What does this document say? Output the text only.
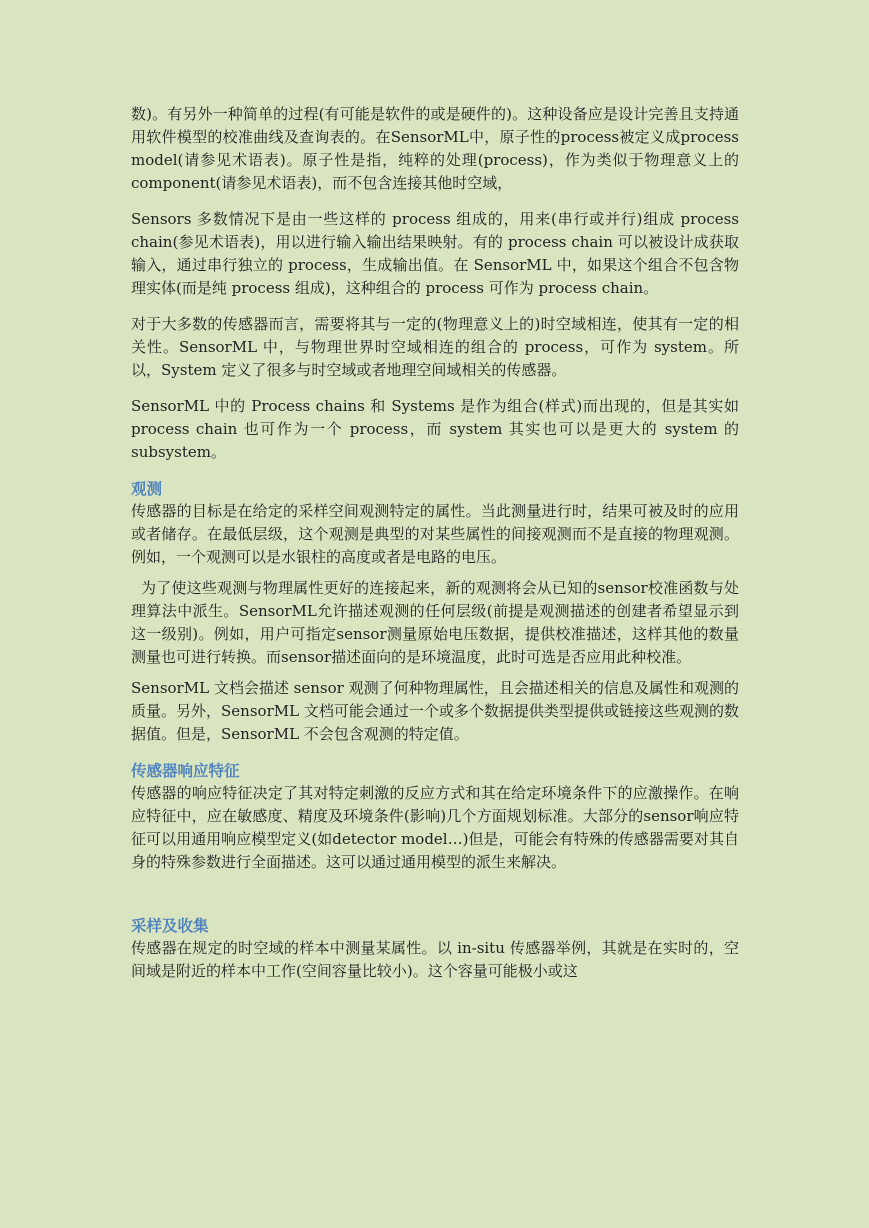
数)。有另外一种简单的过程(有可能是软件的或是硬件的)。这种设备应是设计完善且支持通用软件模型的校准曲线及查询表的。在SensorML中，原子性的process被定义成process model(请参见术语表)。原子性是指，纯粹的处理(process)，作为类似于物理意义上的component(请参见术语表)，而不包含连接其他时空域，

Sensors 多数情况下是由一些这样的 process 组成的，用来(串行或并行)组成 process chain(参见术语表)，用以进行输入输出结果映射。有的 process chain 可以被设计成获取输入，通过串行独立的 process，生成输出值。在 SensorML 中，如果这个组合不包含物理实体(而是纯 process 组成)，这种组合的 process 可作为 process chain。

对于大多数的传感器而言，需要将其与一定的(物理意义上的)时空域相连，使其有一定的相关性。SensorML 中，与物理世界时空域相连的组合的 process，可作为 system。所以，System 定义了很多与时空域或者地理空间域相关的传感器。

SensorML 中的 Process chains 和 Systems 是作为组合(样式)而出现的，但是其实如 process chain 也可作为一个 process，而 system 其实也可以是更大的 system 的 subsystem。

观测

传感器的目标是在给定的采样空间观测特定的属性。当此测量进行时，结果可被及时的应用或者储存。在最低层级，这个观测是典型的对某些属性的间接观测而不是直接的物理观测。例如，一个观测可以是水银柱的高度或者是电路的电压。

为了使这些观测与物理属性更好的连接起来，新的观测将会从已知的sensor校准函数与处理算法中派生。SensorML允许描述观测的任何层级(前提是观测描述的创建者希望显示到这一级别)。例如，用户可指定sensor测量原始电压数据，提供校准描述，这样其他的数量测量也可进行转换。而sensor描述面向的是环境温度，此时可选是否应用此种校准。

SensorML 文档会描述 sensor 观测了何种物理属性，且会描述相关的信息及属性和观测的质量。另外，SensorML 文档可能会通过一个或多个数据提供类型提供或链接这些观测的数据值。但是，SensorML 不会包含观测的特定值。

传感器响应特征

传感器的响应特征决定了其对特定刺激的反应方式和其在给定环境条件下的应激操作。在响应特征中，应在敏感度、精度及环境条件(影响)几个方面规划标准。大部分的sensor响应特征可以用通用响应模型定义(如detector model…)但是，可能会有特殊的传感器需要对其自身的特殊参数进行全面描述。这可以通过通用模型的派生来解决。

采样及收集

传感器在规定的时空域的样本中测量某属性。以 in-situ 传感器举例，其就是在实时的，空间域是附近的样本中工作(空间容量比较小)。这个容量可能极小或这
